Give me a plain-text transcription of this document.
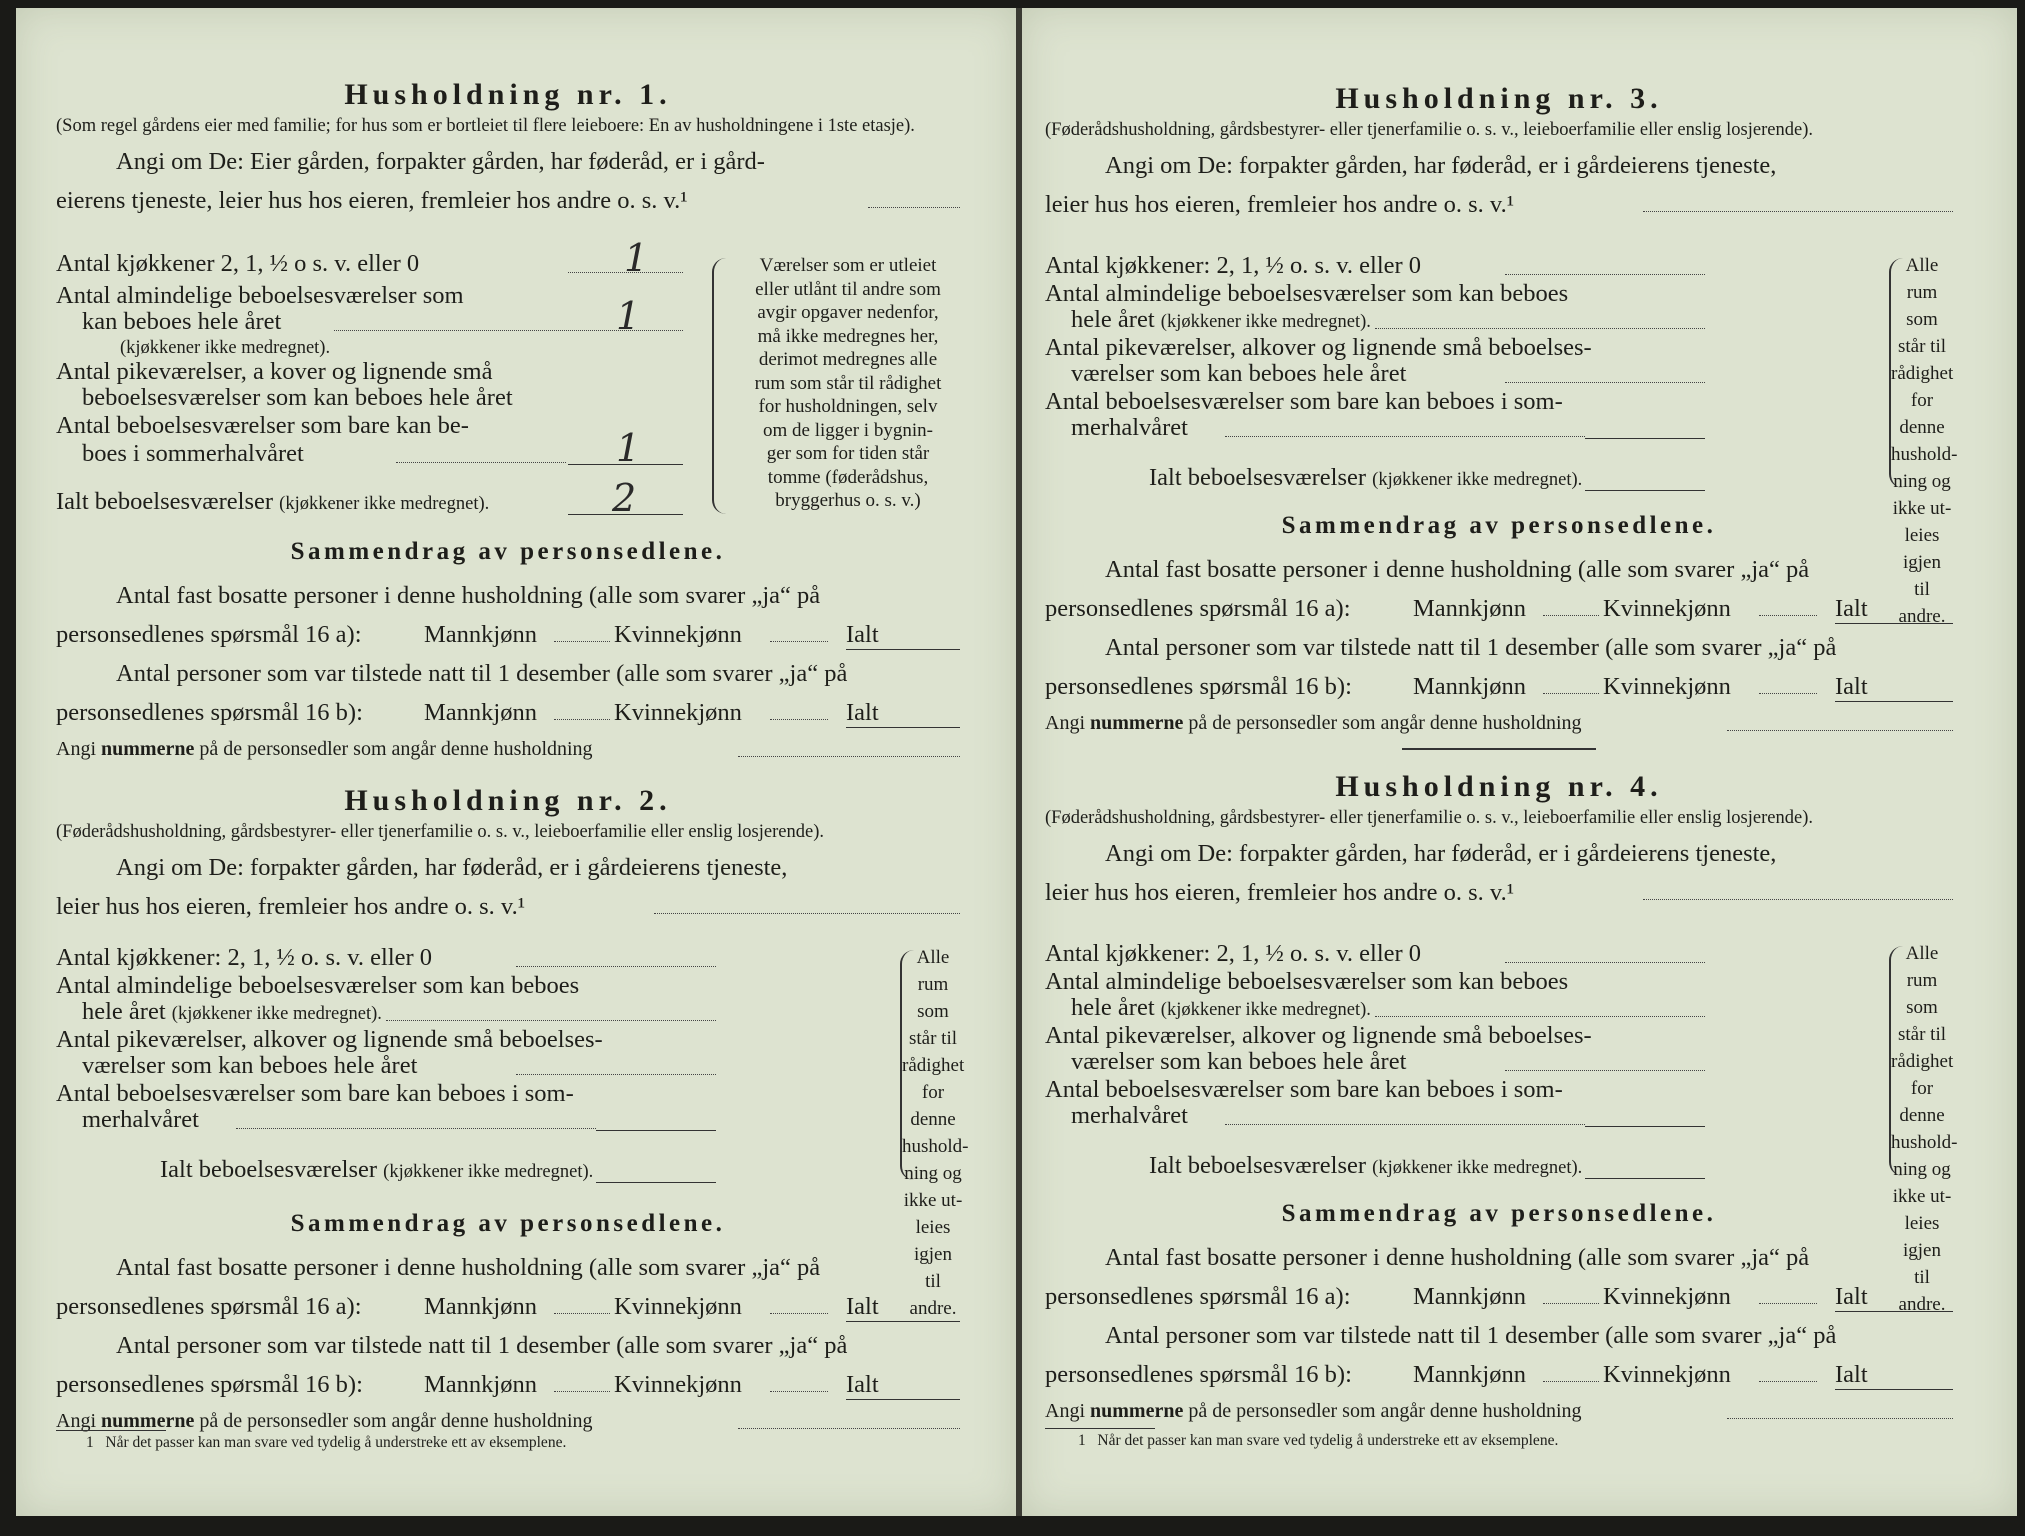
Husholdning nr. 1.

(Som regel gårdens eier med familie; for hus som er bortleiet til flere leieboere: En av husholdningene i 1ste etasje).

Angi om De: Eier gården, forpakter gården, har føderåd, er i gård-

eierens tjeneste, leier hus hos eieren, fremleier hos andre o. s. v.¹
Antal kjøkkener 2, 1, ½ o s. v. eller 0	1
Antal almindelige beboelsesværelser som
kan beboes hele året	1
(kjøkkener ikke medregnet).
Antal pikeværelser, a kover og lignende små
beboelsesværelser som kan beboes hele året
Antal beboelsesværelser som bare kan be-
boes i sommerhalvåret	1
Ialt beboelsesværelser (kjøkkener ikke medregnet).	2
Værelser som er utleiet
eller utlånt til andre som
avgir opgaver nedenfor,
må ikke medregnes her,
derimot medregnes alle
rum som står til rådighet
for husholdningen, selv
om de ligger i bygnin-
ger som for tiden står
tomme (føderådshus,
bryggerhus o. s. v.)

Sammendrag av personsedlene.

Antal fast bosatte personer i denne husholdning (alle som svarer „ja“ på
personsedlenes spørsmål 16 a):	Mannkjønn	Kvinnekjønn	Ialt
Antal personer som var tilstede natt til 1 desember (alle som svarer „ja“ på
personsedlenes spørsmål 16 b): Mannkjønn	Kvinnekjønn	Ialt
Angi nummerne på de personsedler som angår denne husholdning

Husholdning nr. 2.

(Føderådshusholdning, gårdsbestyrer- eller tjenerfamilie o. s. v., leieboerfamilie eller enslig losjerende).

Angi om De: forpakter gården, har føderåd, er i gårdeierens tjeneste,

leier hus hos eieren, fremleier hos andre o. s. v.¹
Antal kjøkkener: 2, 1, ½ o. s. v. eller 0
Antal almindelige beboelsesværelser som kan beboes
hele året (kjøkkener ikke medregnet).
Antal pikeværelser, alkover og lignende små beboelses-
værelser som kan beboes hele året
Antal beboelsesværelser som bare kan beboes i som-
merhalvåret
Ialt beboelsesværelser (kjøkkener ikke medregnet).
Alle rum
som står til
rådighet
for denne
hushold-
ning og
ikke ut-
leies igjen
til andre.

Sammendrag av personsedlene.

Antal fast bosatte personer i denne husholdning (alle som svarer „ja“ på
personsedlenes spørsmål 16 a):	Mannkjønn	Kvinnekjønn	Ialt
Antal personer som var tilstede natt til 1 desember (alle som svarer „ja“ på
personsedlenes spørsmål 16 b): Mannkjønn	Kvinnekjønn	Ialt
Angi nummerne på de personsedler som angår denne husholdning
1 Når det passer kan man svare ved tydelig å understreke ett av eksemplene.

Husholdning nr. 3.

(Føderådshusholdning, gårdsbestyrer- eller tjenerfamilie o. s. v., leieboerfamilie eller enslig losjerende).

Angi om De: forpakter gården, har føderåd, er i gårdeierens tjeneste,

leier hus hos eieren, fremleier hos andre o. s. v.¹
Antal kjøkkener: 2, 1, ½ o. s. v. eller 0
Antal almindelige beboelsesværelser som kan beboes
hele året (kjøkkener ikke medregnet).
Antal pikeværelser, alkover og lignende små beboelses-
værelser som kan beboes hele året
Antal beboelsesværelser som bare kan beboes i som-
merhalvåret
Ialt beboelsesværelser (kjøkkener ikke medregnet).
Alle rum
som står til
rådighet
for denne
hushold-
ning og
ikke ut-
leies igjen
til andre.

Sammendrag av personsedlene.

Antal fast bosatte personer i denne husholdning (alle som svarer „ja“ på
personsedlenes spørsmål 16 a):	Mannkjønn	Kvinnekjønn	Ialt
Antal personer som var tilstede natt til 1 desember (alle som svarer „ja“ på
personsedlenes spørsmål 16 b): Mannkjønn	Kvinnekjønn	Ialt
Angi nummerne på de personsedler som angår denne husholdning

Husholdning nr. 4.

(Føderådshusholdning, gårdsbestyrer- eller tjenerfamilie o. s. v., leieboerfamilie eller enslig losjerende).

Angi om De: forpakter gården, har føderåd, er i gårdeierens tjeneste,

leier hus hos eieren, fremleier hos andre o. s. v.¹
Antal kjøkkener: 2, 1, ½ o. s. v. eller 0
Antal almindelige beboelsesværelser som kan beboes
hele året (kjøkkener ikke medregnet).
Antal pikeværelser, alkover og lignende små beboelses-
værelser som kan beboes hele året
Antal beboelsesværelser som bare kan beboes i som-
merhalvåret
Ialt beboelsesværelser (kjøkkener ikke medregnet).
Alle rum
som står til
rådighet
for denne
hushold-
ning og
ikke ut-
leies igjen
til andre.

Sammendrag av personsedlene.

Antal fast bosatte personer i denne husholdning (alle som svarer „ja“ på
personsedlenes spørsmål 16 a):	Mannkjønn	Kvinnekjønn	Ialt
Antal personer som var tilstede natt til 1 desember (alle som svarer „ja“ på
personsedlenes spørsmål 16 b): Mannkjønn	Kvinnekjønn	Ialt
Angi nummerne på de personsedler som angår denne husholdning
1 Når det passer kan man svare ved tydelig å understreke ett av eksemplene.
